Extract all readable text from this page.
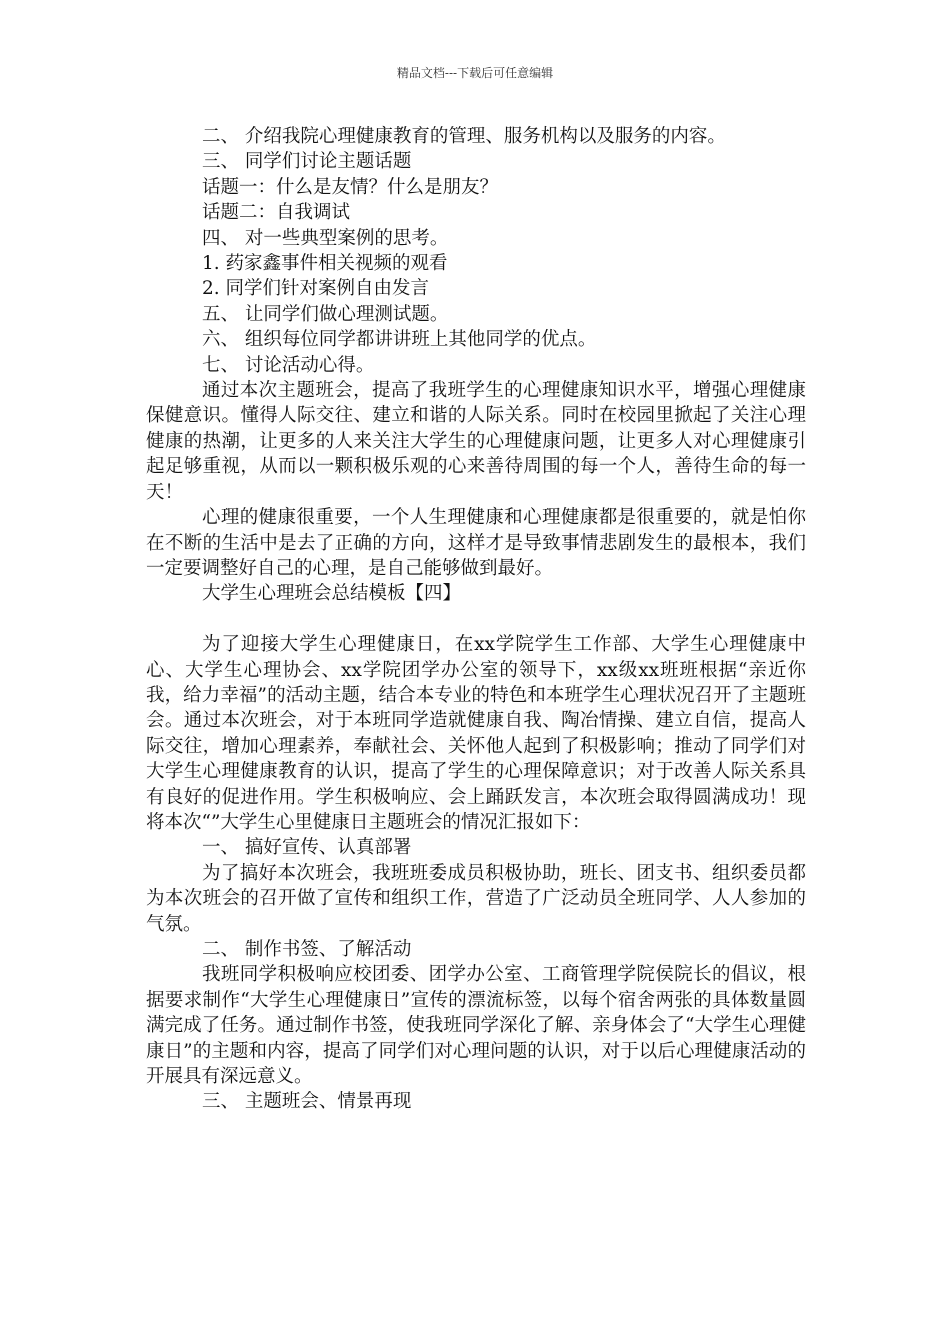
精品文档---下载后可任意编辑

二、 介绍我院心理健康教育的管理、服务机构以及服务的内容。

三、 同学们讨论主题话题

话题一：什么是友情？什么是朋友？

话题二：自我调试

四、 对一些典型案例的思考。

1. 药家鑫事件相关视频的观看

2. 同学们针对案例自由发言

五、 让同学们做心理测试题。

六、 组织每位同学都讲讲班上其他同学的优点。

七、 讨论活动心得。

通过本次主题班会，提高了我班学生的心理健康知识水平，增强心理健康保健意识。懂得人际交往、建立和谐的人际关系。同时在校园里掀起了关注心理健康的热潮，让更多的人来关注大学生的心理健康问题，让更多人对心理健康引起足够重视，从而以一颗积极乐观的心来善待周围的每一个人，善待生命的每一天！

心理的健康很重要，一个人生理健康和心理健康都是很重要的，就是怕你在不断的生活中是去了正确的方向，这样才是导致事情悲剧发生的最根本，我们一定要调整好自己的心理，是自己能够做到最好。

大学生心理班会总结模板【四】

为了迎接大学生心理健康日，在xx学院学生工作部、大学生心理健康中心、大学生心理协会、xx学院团学办公室的领导下，xx级xx班班根据“亲近你我，给力幸福”的活动主题，结合本专业的特色和本班学生心理状况召开了主题班会。通过本次班会，对于本班同学造就健康自我、陶冶情操、建立自信，提高人际交往，增加心理素养，奉献社会、关怀他人起到了积极影响；推动了同学们对大学生心理健康教育的认识，提高了学生的心理保障意识；对于改善人际关系具有良好的促进作用。学生积极响应、会上踊跃发言，本次班会取得圆满成功！现将本次“”大学生心里健康日主题班会的情况汇报如下：

一、 搞好宣传、认真部署

为了搞好本次班会，我班班委成员积极协助，班长、团支书、组织委员都为本次班会的召开做了宣传和组织工作，营造了广泛动员全班同学、人人参加的气氛。

二、 制作书签、了解活动

我班同学积极响应校团委、团学办公室、工商管理学院侯院长的倡议，根据要求制作“大学生心理健康日”宣传的漂流标签，以每个宿舍两张的具体数量圆满完成了任务。通过制作书签，使我班同学深化了解、亲身体会了“大学生心理健康日”的主题和内容，提高了同学们对心理问题的认识，对于以后心理健康活动的开展具有深远意义。

三、 主题班会、情景再现
